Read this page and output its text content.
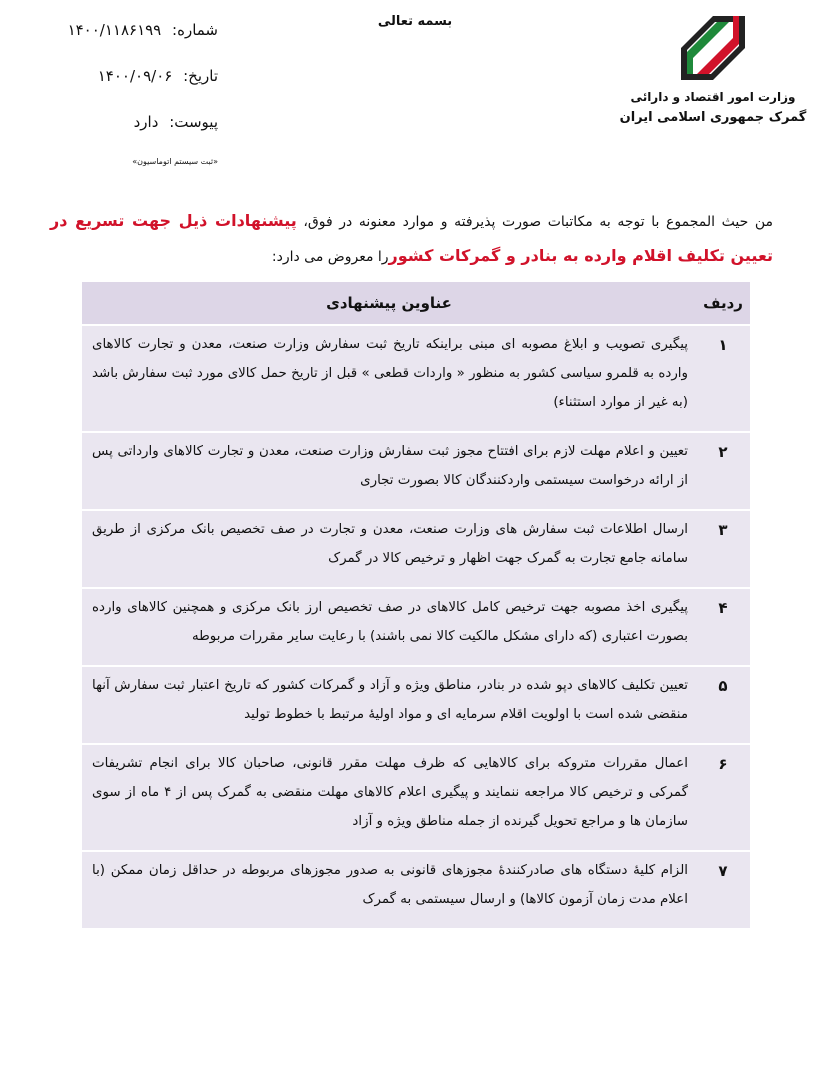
شماره: ۱۴۰۰/۱۱۸۶۱۹۹
تاریخ: ۱۴۰۰/۰۹/۰۶
پیوست: دارد
«ثبت سیستم اتوماسیون»
بسمه تعالی
وزارت امور اقتصاد و دارائی
گمرک جمهوری اسلامی ایران
من حیث المجموع با توجه به مکاتبات صورت پذیرفته و موارد معنونه در فوق، پیشنهادات ذیل جهت تسریع در تعیین تکلیف اقلام وارده به بنادر و گمرکات کشوررا معروض می دارد:
ردیف	عناوین پیشنهادی
۱	پیگیری تصویب و ابلاغ مصوبه ای مبنی براینکه تاریخ ثبت سفارش وزارت صنعت، معدن و تجارت کالاهای وارده به قلمرو سیاسی کشور به منظور « واردات قطعی » قبل از تاریخ حمل کالای مورد ثبت سفارش باشد (به غیر از موارد استثناء)
۲	تعیین و اعلام مهلت لازم برای افتتاح مجوز ثبت سفارش وزارت صنعت، معدن و تجارت کالاهای وارداتی پس از ارائه درخواست سیستمی واردکنندگان کالا بصورت تجاری
۳	ارسال اطلاعات ثبت سفارش های وزارت صنعت، معدن و تجارت در صف تخصیص بانک مرکزی از طریق سامانه جامع تجارت به گمرک جهت اظهار و ترخیص کالا در گمرک
۴	پیگیری اخذ مصوبه جهت ترخیص کامل کالاهای در صف تخصیص ارز بانک مرکزی و همچنین کالاهای وارده بصورت اعتباری (که دارای مشکل مالکیت کالا نمی باشند) با رعایت سایر مقررات مربوطه
۵	تعیین تکلیف کالاهای دپو شده در بنادر، مناطق ویژه و آزاد و گمرکات کشور که تاریخ اعتبار ثبت سفارش آنها منقضی شده است با اولویت اقلام سرمایه ای و مواد اولیهٔ مرتبط با خطوط تولید
۶	اعمال مقررات متروکه برای کالاهایی که ظرف مهلت مقرر قانونی، صاحبان کالا برای انجام تشریفات گمرکی و ترخیص کالا مراجعه ننمایند و پیگیری اعلام کالاهای مهلت منقضی به گمرک پس از ۴ ماه از سوی سازمان ها و مراجع تحویل گیرنده از جمله مناطق ویژه و آزاد
۷	الزام کلیهٔ دستگاه های صادرکنندهٔ مجوزهای قانونی به صدور مجوزهای مربوطه در حداقل زمان ممکن (با اعلام مدت زمان آزمون کالاها) و ارسال سیستمی به گمرک
